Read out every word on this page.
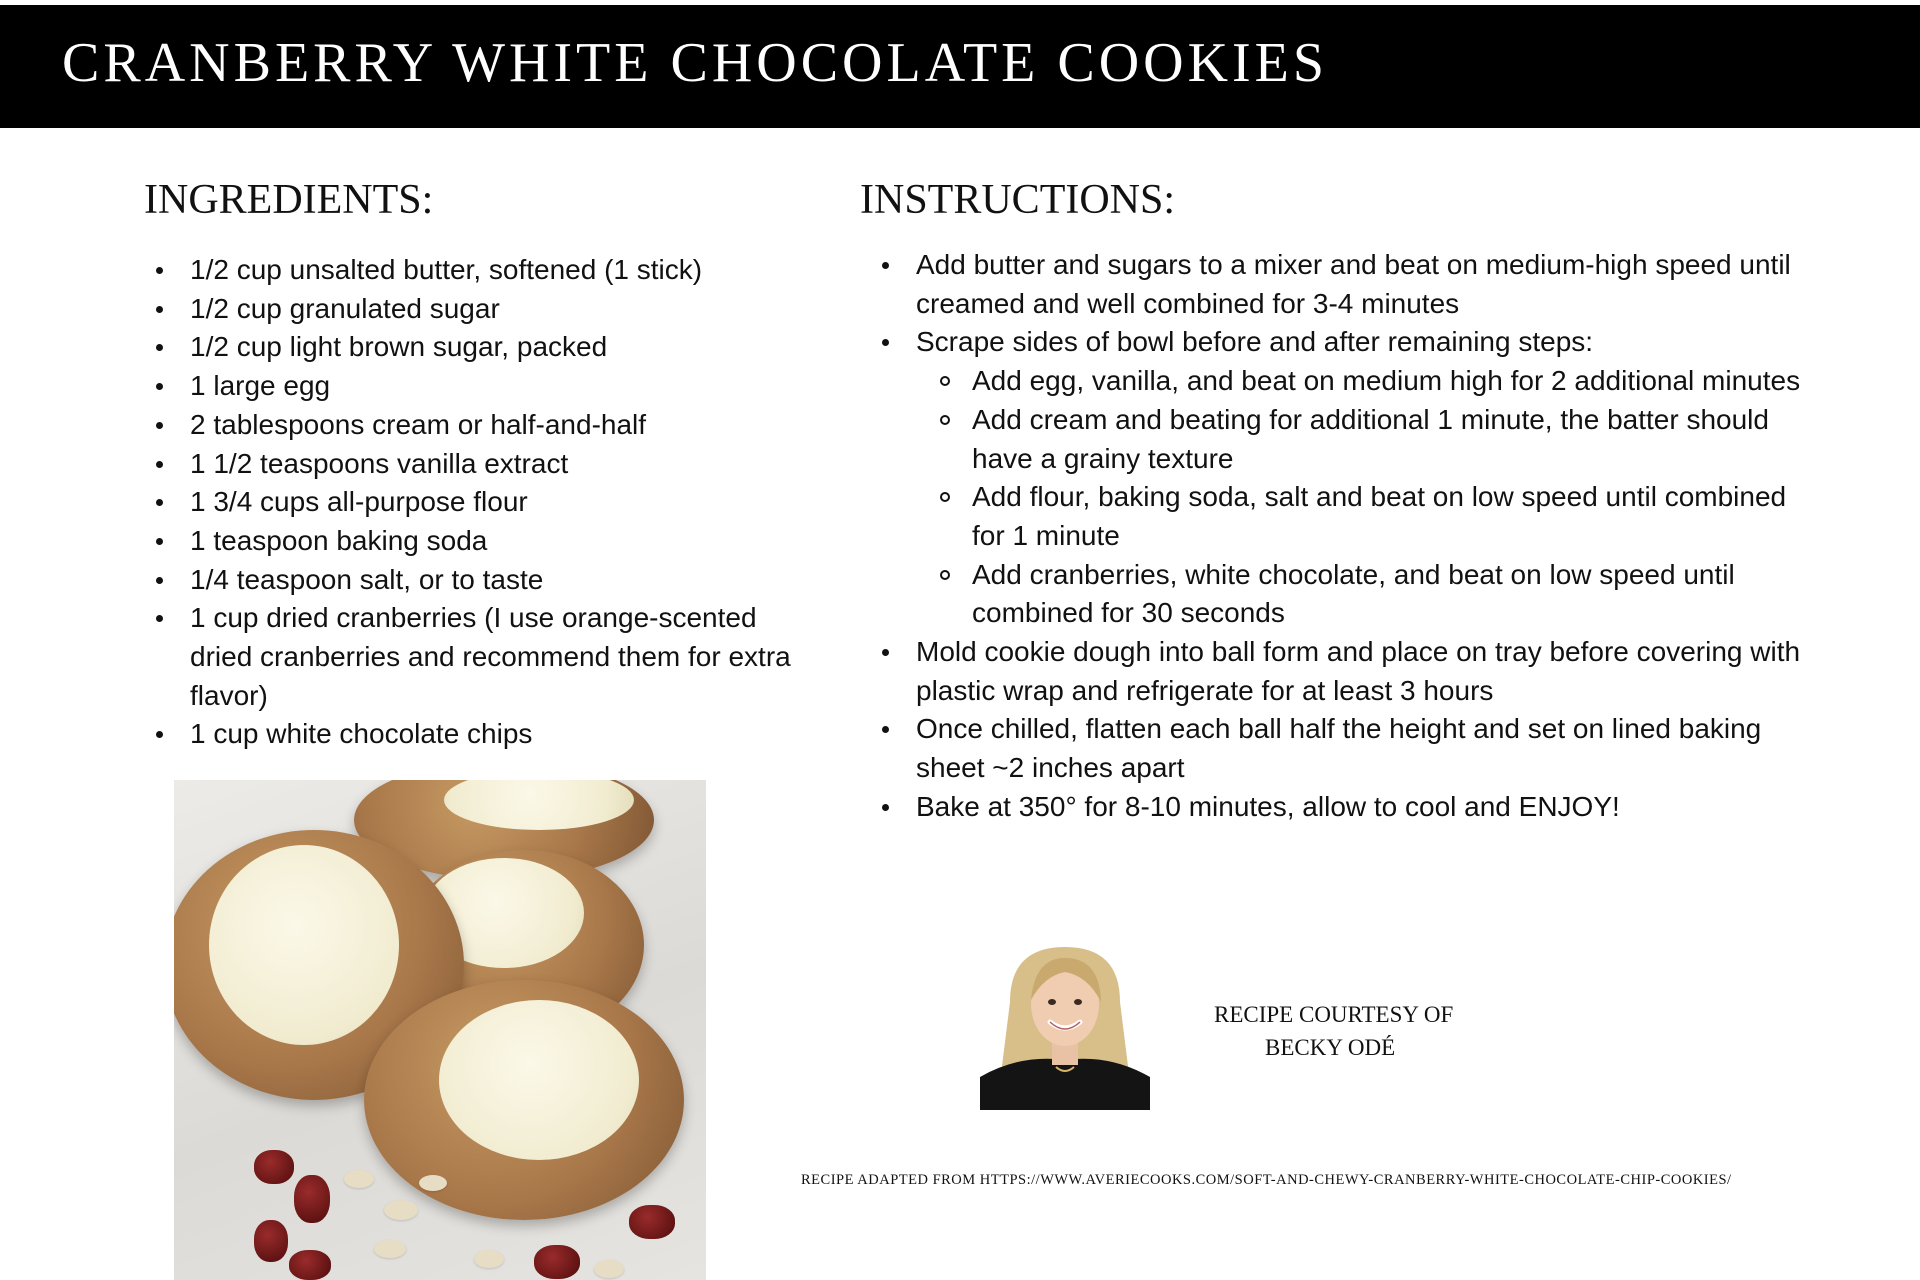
CRANBERRY WHITE CHOCOLATE COOKIES
INGREDIENTS:
1/2 cup unsalted butter, softened (1 stick)
1/2 cup granulated sugar
1/2 cup light brown sugar, packed
1 large egg
2 tablespoons cream or half-and-half
1 1/2 teaspoons vanilla extract
1 3/4 cups all-purpose flour
1 teaspoon baking soda
1/4 teaspoon salt, or to taste
1 cup dried cranberries (I use orange-scented dried cranberries and recommend them for extra flavor)
1 cup white chocolate chips
INSTRUCTIONS:
Add butter and sugars to a mixer and beat on medium-high speed until creamed and well combined for 3-4 minutes
Scrape sides of bowl before and after remaining steps:
Add egg, vanilla, and beat on medium high for 2 additional minutes
Add cream and beating for additional 1 minute, the batter should have a grainy texture
Add flour, baking soda, salt and beat on low speed until combined for 1 minute
Add cranberries, white chocolate, and beat on low speed until combined for 30 seconds
Mold cookie dough into ball form and place on tray before covering with plastic wrap and refrigerate for at least 3 hours
Once chilled, flatten each ball half the height and set on lined baking sheet ~2 inches apart
Bake at 350° for 8-10 minutes, allow to cool and ENJOY!

RECIPE COURTESY OF

BECKY ODÉ

RECIPE ADAPTED FROM HTTPS://WWW.AVERIECOOKS.COM/SOFT-AND-CHEWY-CRANBERRY-WHITE-CHOCOLATE-CHIP-COOKIES/
